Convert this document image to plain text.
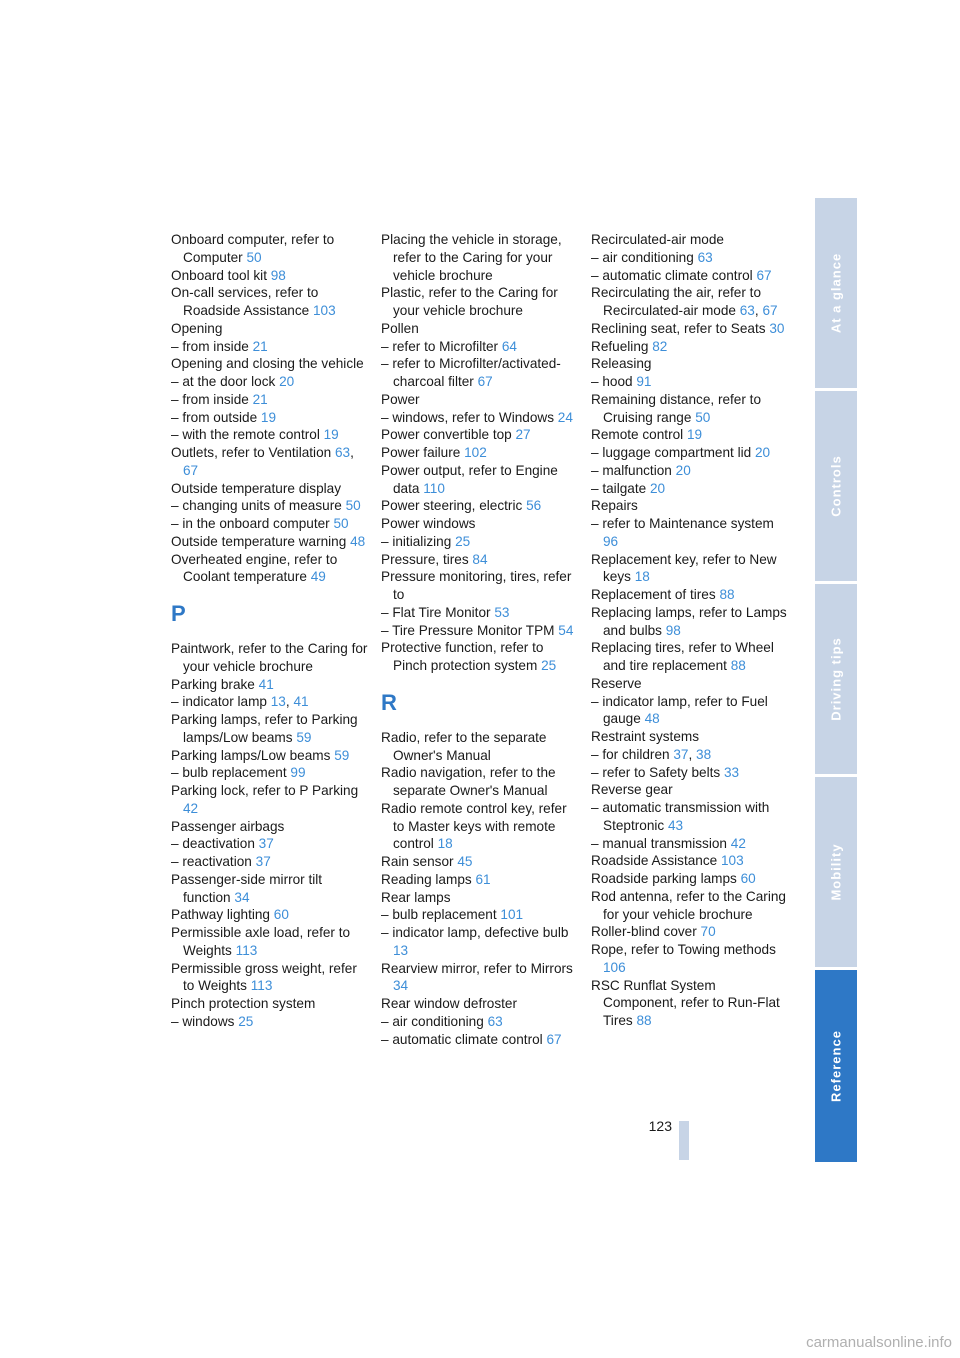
Onboard computer, refer to Computer 50
Onboard tool kit 98
On-call services, refer to Roadside Assistance 103
Opening
– from inside 21
Opening and closing the vehicle
– at the door lock 20
– from inside 21
– from outside 19
– with the remote control 19
Outlets, refer to Ventilation 63, 67
Outside temperature display
– changing units of measure 50
– in the onboard computer 50
Outside temperature warning 48
Overheated engine, refer to Coolant temperature 49
P
Paintwork, refer to the Caring for your vehicle brochure
Parking brake 41
– indicator lamp 13, 41
Parking lamps, refer to Parking lamps/Low beams 59
Parking lamps/Low beams 59
– bulb replacement 99
Parking lock, refer to P Parking 42
Passenger airbags
– deactivation 37
– reactivation 37
Passenger-side mirror tilt function 34
Pathway lighting 60
Permissible axle load, refer to Weights 113
Permissible gross weight, refer to Weights 113
Pinch protection system
– windows 25
Placing the vehicle in storage, refer to the Caring for your vehicle brochure
Plastic, refer to the Caring for your vehicle brochure
Pollen
– refer to Microfilter 64
– refer to Microfilter/activated-charcoal filter 67
Power
– windows, refer to Windows 24
Power convertible top 27
Power failure 102
Power output, refer to Engine data 110
Power steering, electric 56
Power windows
– initializing 25
Pressure, tires 84
Pressure monitoring, tires, refer to
– Flat Tire Monitor 53
– Tire Pressure Monitor TPM 54
Protective function, refer to Pinch protection system 25
R
Radio, refer to the separate Owner's Manual
Radio navigation, refer to the separate Owner's Manual
Radio remote control key, refer to Master keys with remote control 18
Rain sensor 45
Reading lamps 61
Rear lamps
– bulb replacement 101
– indicator lamp, defective bulb 13
Rearview mirror, refer to Mirrors 34
Rear window defroster
– air conditioning 63
– automatic climate control 67
Recirculated-air mode
– air conditioning 63
– automatic climate control 67
Recirculating the air, refer to Recirculated-air mode 63, 67
Reclining seat, refer to Seats 30
Refueling 82
Releasing
– hood 91
Remaining distance, refer to Cruising range 50
Remote control 19
– luggage compartment lid 20
– malfunction 20
– tailgate 20
Repairs
– refer to Maintenance system 96
Replacement key, refer to New keys 18
Replacement of tires 88
Replacing lamps, refer to Lamps and bulbs 98
Replacing tires, refer to Wheel and tire replacement 88
Reserve
– indicator lamp, refer to Fuel gauge 48
Restraint systems
– for children 37, 38
– refer to Safety belts 33
Reverse gear
– automatic transmission with Steptronic 43
– manual transmission 42
Roadside Assistance 103
Roadside parking lamps 60
Rod antenna, refer to the Caring for your vehicle brochure
Roller-blind cover 70
Rope, refer to Towing methods 106
RSC Runflat System Component, refer to Run-Flat Tires 88
At a glance
Controls
Driving tips
Mobility
Reference
123
carmanualsonline.info
